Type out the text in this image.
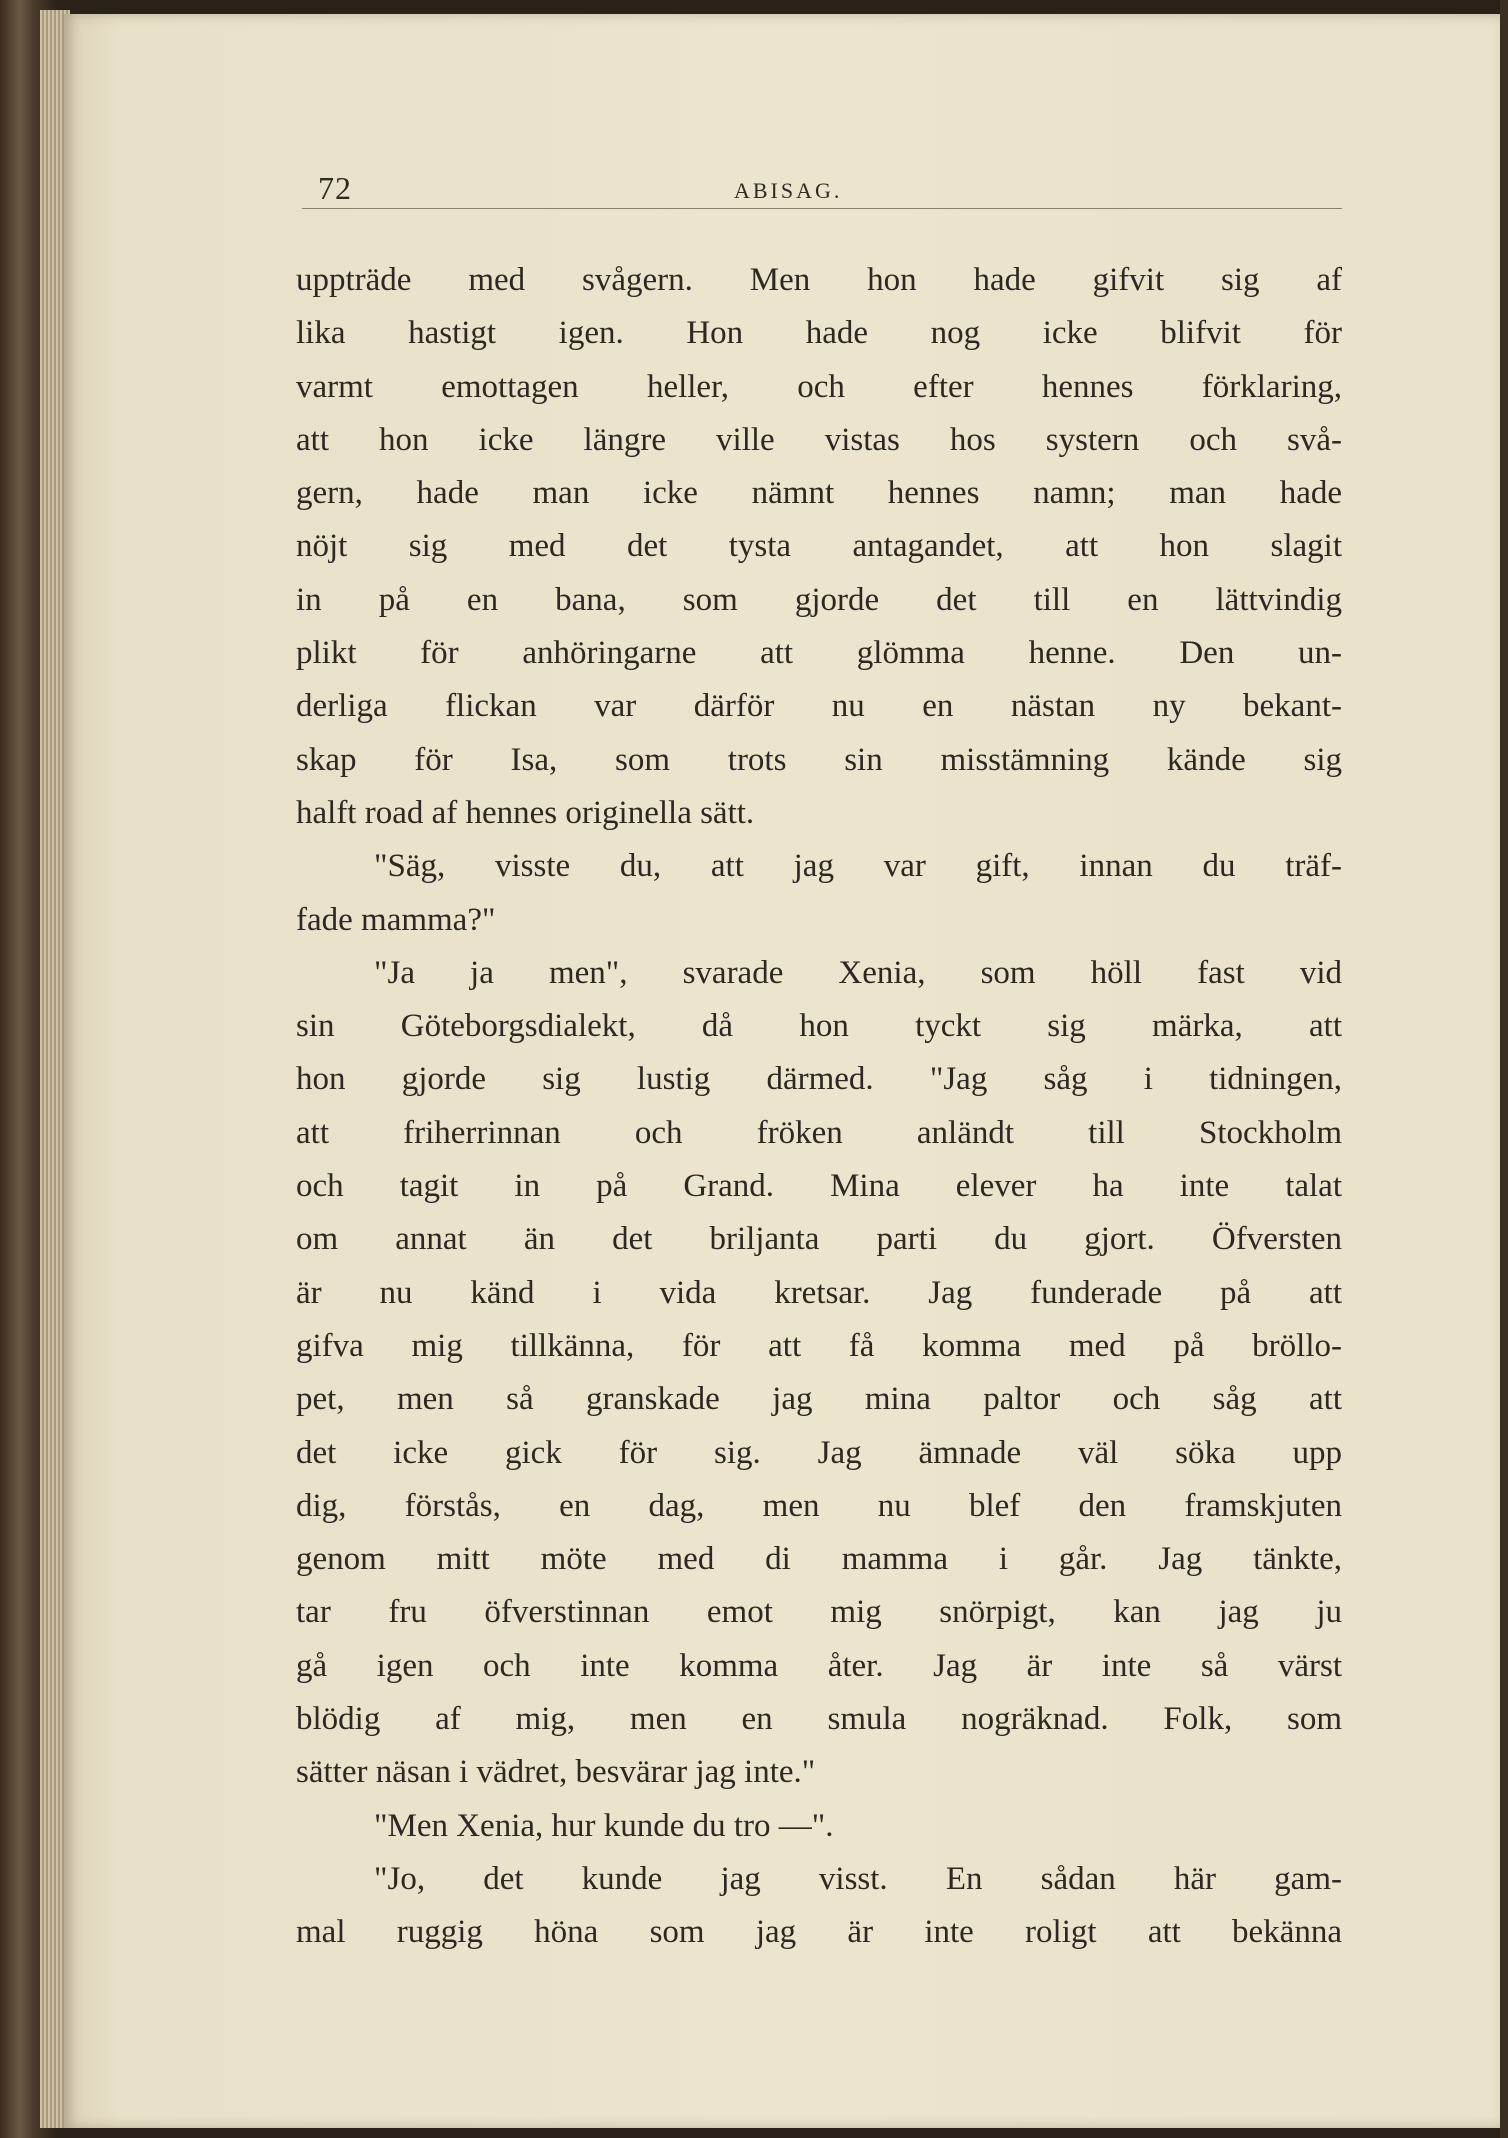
72	ABISAG.
uppträde med svågern. Men hon hade gifvit sig af
lika hastigt igen. Hon hade nog icke blifvit för
varmt emottagen heller, och efter hennes förklaring,
att hon icke längre ville vistas hos systern och svå-
gern, hade man icke nämnt hennes namn; man hade
nöjt sig med det tysta antagandet, att hon slagit
in på en bana, som gjorde det till en lättvindig
plikt för anhöringarne att glömma henne. Den un-
derliga flickan var därför nu en nästan ny bekant-
skap för Isa, som trots sin misstämning kände sig
halft road af hennes originella sätt.
"Säg, visste du, att jag var gift, innan du träf-
fade mamma?"
"Ja ja men", svarade Xenia, som höll fast vid
sin Göteborgsdialekt, då hon tyckt sig märka, att
hon gjorde sig lustig därmed. "Jag såg i tidningen,
att friherrinnan och fröken anländt till Stockholm
och tagit in på Grand. Mina elever ha inte talat
om annat än det briljanta parti du gjort. Öfversten
är nu känd i vida kretsar. Jag funderade på att
gifva mig tillkänna, för att få komma med på bröllo-
pet, men så granskade jag mina paltor och såg att
det icke gick för sig. Jag ämnade väl söka upp
dig, förstås, en dag, men nu blef den framskjuten
genom mitt möte med di mamma i går. Jag tänkte,
tar fru öfverstinnan emot mig snörpigt, kan jag ju
gå igen och inte komma åter. Jag är inte så värst
blödig af mig, men en smula nogräknad. Folk, som
sätter näsan i vädret, besvärar jag inte."
"Men Xenia, hur kunde du tro —".
"Jo, det kunde jag visst. En sådan här gam-
mal ruggig höna som jag är inte roligt att bekänna
